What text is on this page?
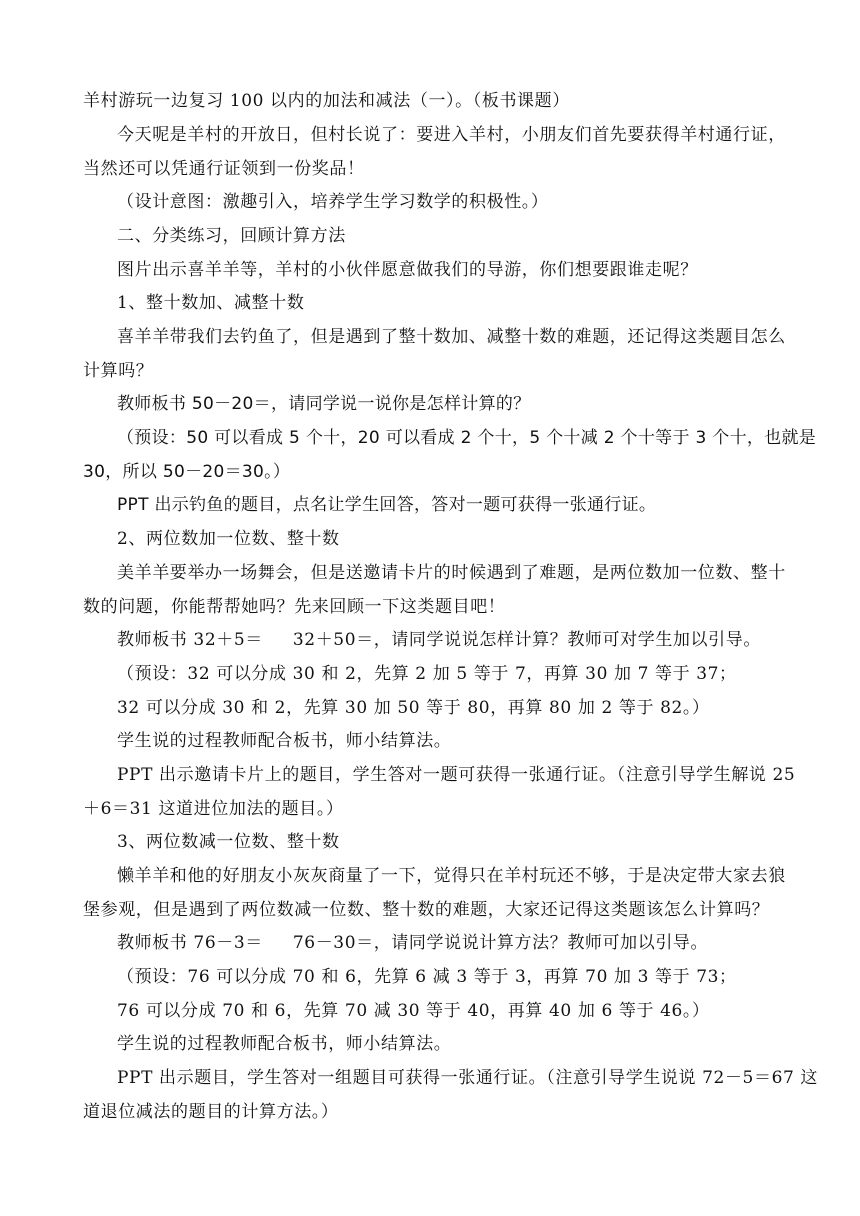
羊村游玩一边复习 100 以内的加法和减法（一）。（板书课题）
今天呢是羊村的开放日，但村长说了：要进入羊村，小朋友们首先要获得羊村通行证，
当然还可以凭通行证领到一份奖品！
（设计意图：激趣引入，培养学生学习数学的积极性。）
二、分类练习，回顾计算方法
图片出示喜羊羊等，羊村的小伙伴愿意做我们的导游，你们想要跟谁走呢？
1、整十数加、减整十数
喜羊羊带我们去钓鱼了，但是遇到了整十数加、减整十数的难题，还记得这类题目怎么
计算吗？
教师板书 50－20＝，请同学说一说你是怎样计算的？
（预设：50 可以看成 5 个十，20 可以看成 2 个十，5 个十减 2 个十等于 3 个十，也就是
30，所以 50－20＝30。）
PPT 出示钓鱼的题目，点名让学生回答，答对一题可获得一张通行证。
2、两位数加一位数、整十数
美羊羊要举办一场舞会，但是送邀请卡片的时候遇到了难题，是两位数加一位数、整十
数的问题，你能帮帮她吗？先来回顾一下这类题目吧！
教师板书 32＋5＝ 32＋50＝，请同学说说怎样计算？教师可对学生加以引导。
（预设：32 可以分成 30 和 2，先算 2 加 5 等于 7，再算 30 加 7 等于 37；
32 可以分成 30 和 2，先算 30 加 50 等于 80，再算 80 加 2 等于 82。）
学生说的过程教师配合板书，师小结算法。
PPT 出示邀请卡片上的题目，学生答对一题可获得一张通行证。（注意引导学生解说 25
＋6＝31 这道进位加法的题目。）
3、两位数减一位数、整十数
懒羊羊和他的好朋友小灰灰商量了一下，觉得只在羊村玩还不够，于是决定带大家去狼
堡参观，但是遇到了两位数减一位数、整十数的难题，大家还记得这类题该怎么计算吗？
教师板书 76－3＝ 76－30＝，请同学说说计算方法？教师可加以引导。
（预设：76 可以分成 70 和 6，先算 6 减 3 等于 3，再算 70 加 3 等于 73；
76 可以分成 70 和 6，先算 70 减 30 等于 40，再算 40 加 6 等于 46。）
学生说的过程教师配合板书，师小结算法。
PPT 出示题目，学生答对一组题目可获得一张通行证。（注意引导学生说说 72－5＝67 这
道退位减法的题目的计算方法。）
